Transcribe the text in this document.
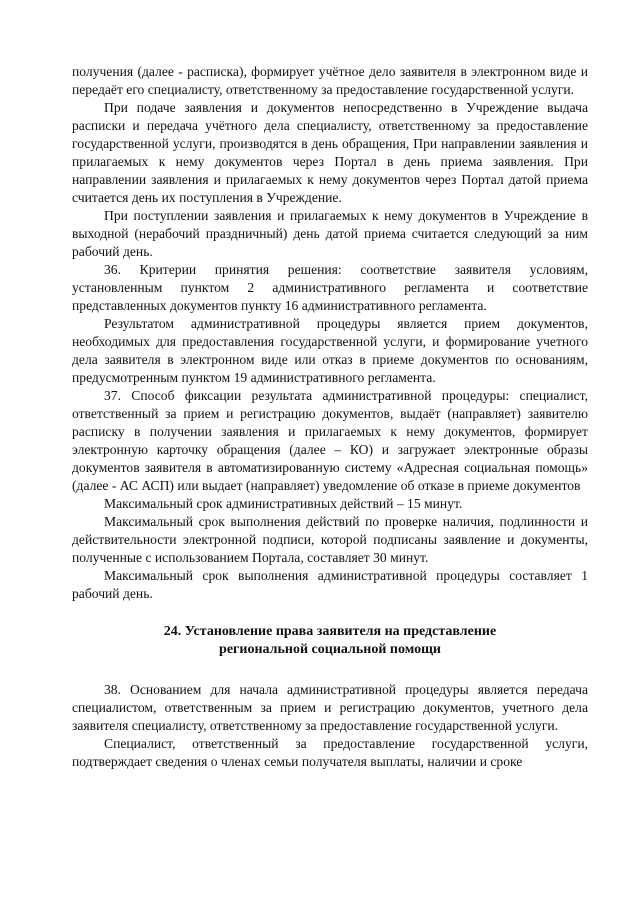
получения (далее - расписка), формирует учётное дело заявителя в электронном виде и передаёт его специалисту, ответственному за предоставление государственной услуги.

При подаче заявления и документов непосредственно в Учреждение выдача расписки и передача учётного дела специалисту, ответственному за предоставление государственной услуги, производятся в день обращения, При направлении заявления и прилагаемых к нему документов через Портал в день приема заявления. При направлении заявления и прилагаемых к нему документов через Портал датой приема считается день их поступления в Учреждение.

При поступлении заявления и прилагаемых к нему документов в Учреждение в выходной (нерабочий праздничный) день датой приема считается следующий за ним рабочий день.

36. Критерии принятия решения: соответствие заявителя условиям, установленным пунктом 2 административного регламента и соответствие представленных документов пункту 16 административного регламента.

Результатом административной процедуры является прием документов, необходимых для предоставления государственной услуги, и формирование учетного дела заявителя в электронном виде или отказ в приеме документов по основаниям, предусмотренным пунктом 19 административного регламента.

37. Способ фиксации результата административной процедуры: специалист, ответственный за прием и регистрацию документов, выдаёт (направляет) заявителю расписку в получении заявления и прилагаемых к нему документов, формирует электронную карточку обращения (далее – КО) и загружает электронные образы документов заявителя в автоматизированную систему «Адресная социальная помощь» (далее - АС АСП) или выдает (направляет) уведомление об отказе в приеме документов

Максимальный срок административных действий – 15 минут.

Максимальный срок выполнения действий по проверке наличия, подлинности и действительности электронной подписи, которой подписаны заявление и документы, полученные с использованием Портала, составляет 30 минут.

Максимальный срок выполнения административной процедуры составляет 1 рабочий день.

24. Установление права заявителя на представление
региональной социальной помощи

38. Основанием для начала административной процедуры является передача специалистом, ответственным за прием и регистрацию документов, учетного дела заявителя специалисту, ответственному за предоставление государственной услуги.

Специалист, ответственный за предоставление государственной услуги, подтверждает сведения о членах семьи получателя выплаты, наличии и сроке
